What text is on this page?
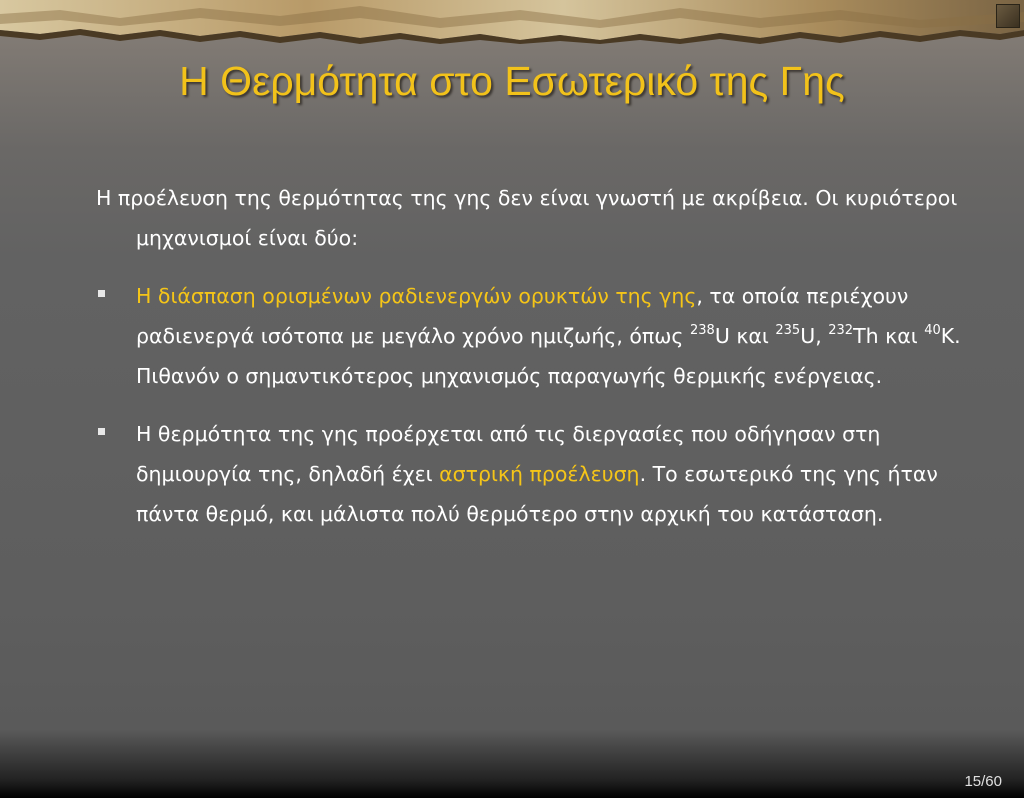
Η Θερμότητα στο Εσωτερικό της Γης

Η προέλευση της θερμότητας της γης δεν είναι γνωστή με ακρίβεια. Οι κυριότεροι μηχανισμοί είναι δύο:

Η διάσπαση ορισμένων ραδιενεργών ορυκτών της γης, τα οποία περιέχουν ραδιενεργά ισότοπα με μεγάλο χρόνο ημιζωής, όπως $^{238}$U και $^{235}$U, $^{232}$Th και $^{40}$K. Πιθανόν ο σημαντικότερος μηχανισμός παραγωγής θερμικής ενέργειας.
Η θερμότητα της γης προέρχεται από τις διεργασίες που οδήγησαν στη δημιουργία της, δηλαδή έχει αστρική προέλευση. Το εσωτερικό της γης ήταν πάντα θερμό, και μάλιστα πολύ θερμότερο στην αρχική του κατάσταση.
15/60
